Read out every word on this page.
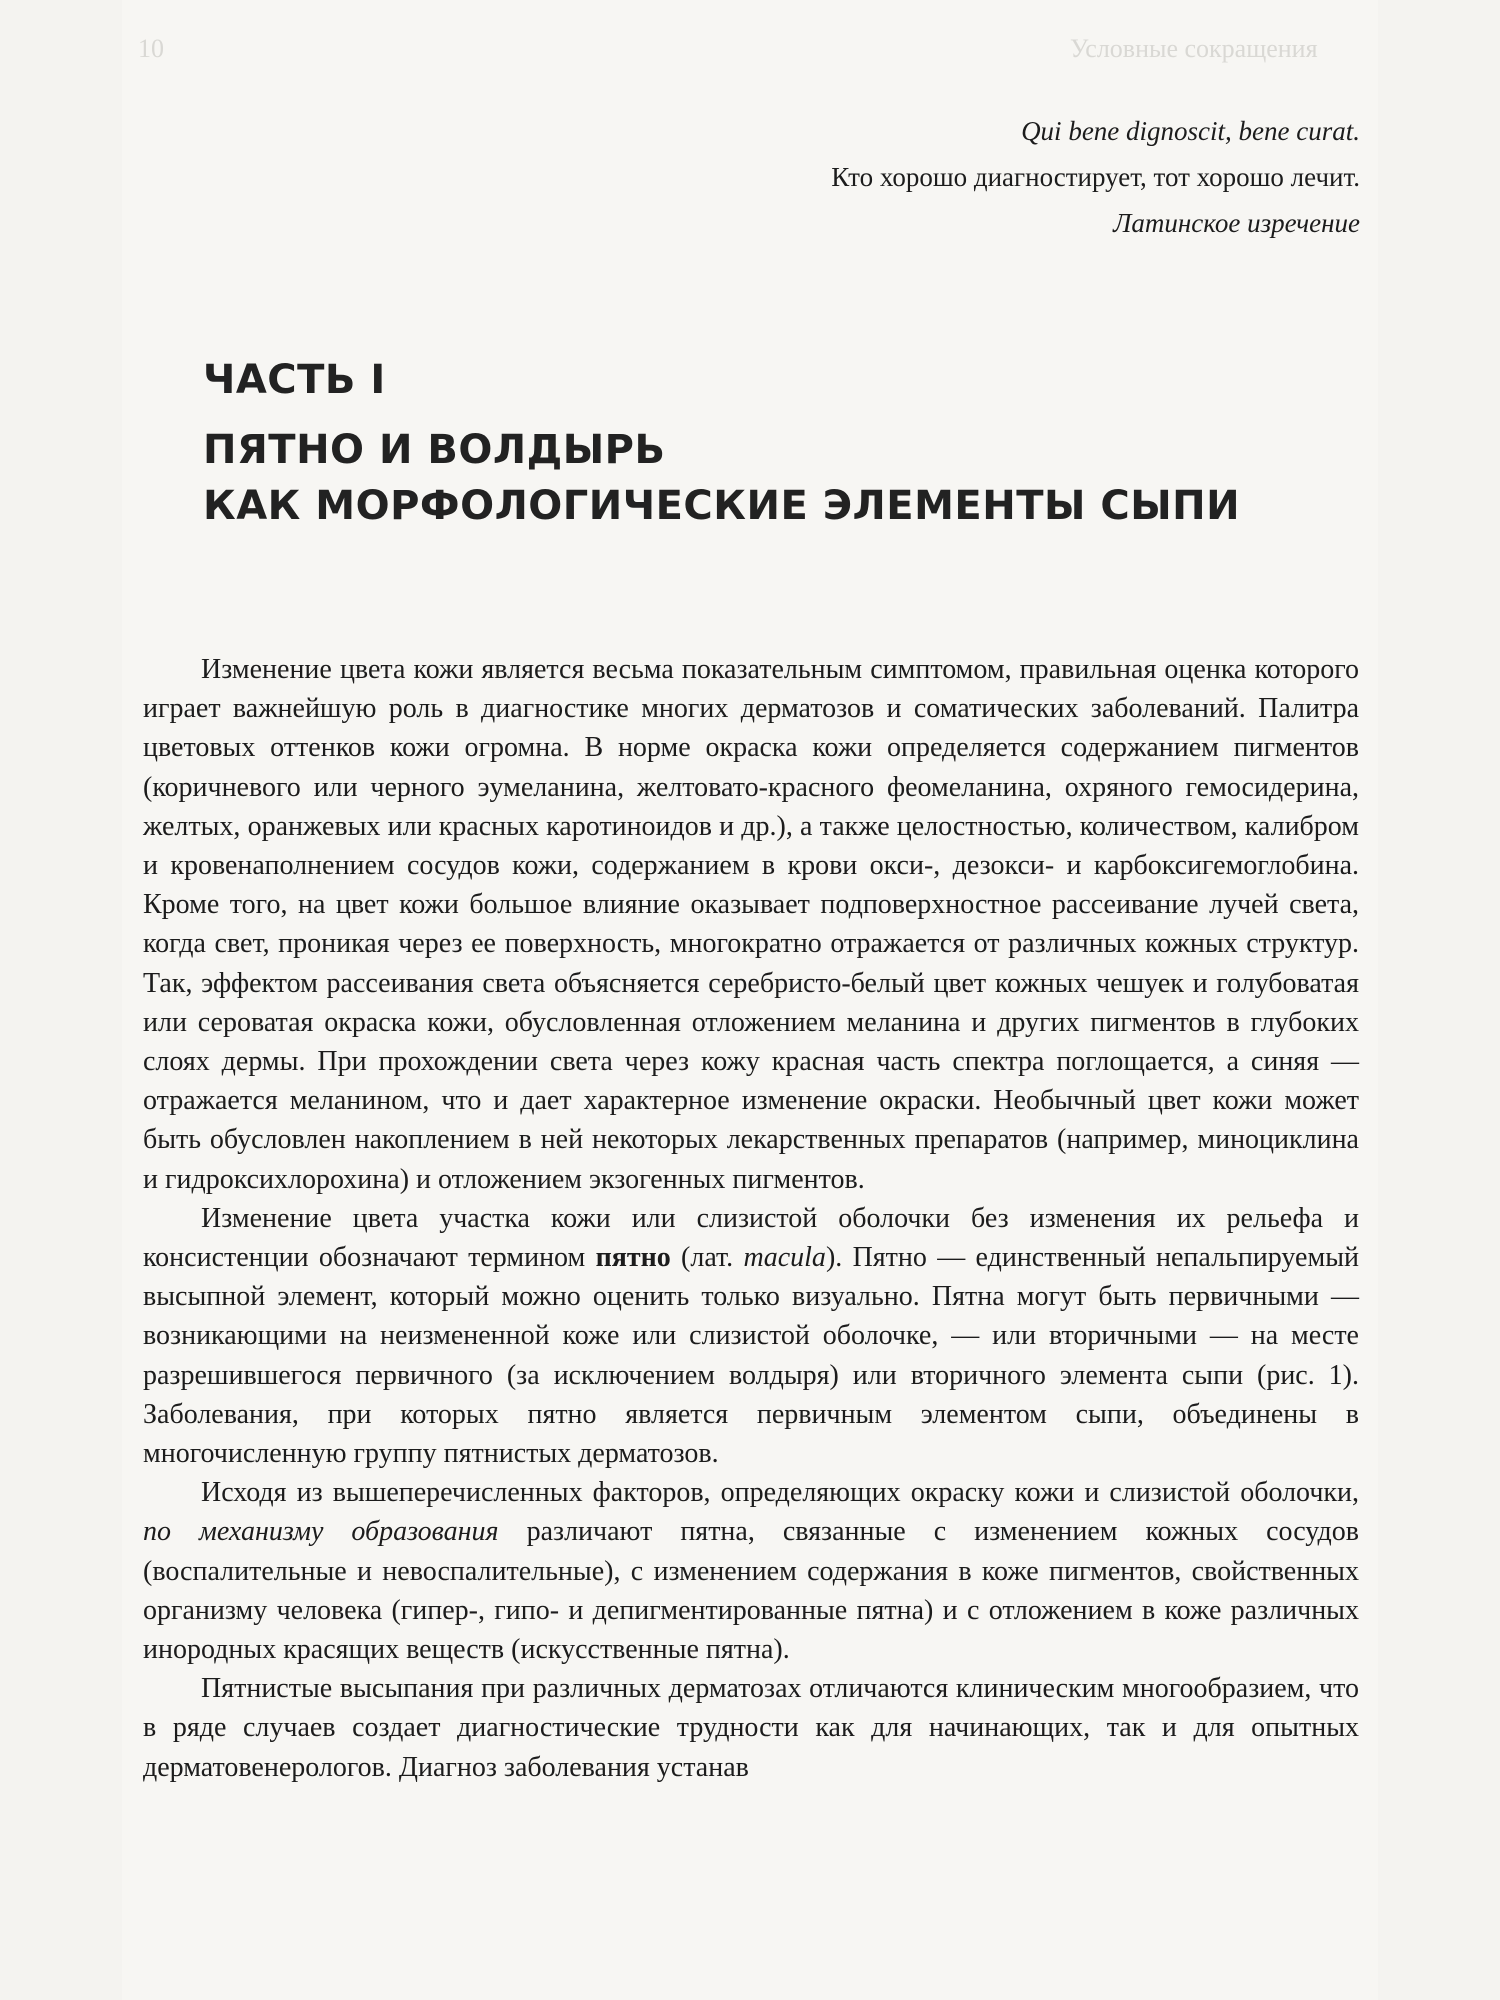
10	Условные сокращения
Qui bene dignoscit, bene curat.
Кто хорошо диагностирует, тот хорошо лечит.
Латинское изречение
ЧАСТЬ I
ПЯТНО И ВОЛДЫРЬ
КАК МОРФОЛОГИЧЕСКИЕ ЭЛЕМЕНТЫ СЫПИ

Изменение цвета кожи является весьма показательным симптомом, правильная оценка которого играет важнейшую роль в диагностике многих дерматозов и соматических заболеваний. Палитра цветовых оттенков кожи огромна. В норме окраска кожи определяется содержанием пигментов (коричневого или черного эумеланина, желтовато-красного феомеланина, охряного гемосидерина, желтых, оранжевых или красных каротиноидов и др.), а также целостностью, количеством, калибром и кровенаполнением сосудов кожи, содержанием в крови окси-, дезокси- и карбоксигемоглобина. Кроме того, на цвет кожи большое влияние оказывает подповерхностное рассеивание лучей света, когда свет, проникая через ее поверхность, многократно отражается от различных кожных структур. Так, эффектом рассеивания света объясняется серебристо-белый цвет кожных чешуек и голубоватая или сероватая окраска кожи, обусловленная отложением меланина и других пигментов в глубоких слоях дермы. При прохождении света через кожу красная часть спектра поглощается, а синяя — отражается меланином, что и дает характерное изменение окраски. Необычный цвет кожи может быть обусловлен накоплением в ней некоторых лекарственных препаратов (например, миноциклина и гидроксихлорохина) и отложением экзогенных пигментов.

Изменение цвета участка кожи или слизистой оболочки без изменения их рельефа и консистенции обозначают термином пятно (лат. macula). Пятно — единственный непальпируемый высыпной элемент, который можно оценить только визуально. Пятна могут быть первичными — возникающими на неизмененной коже или слизистой оболочке, — или вторичными — на месте разрешившегося первичного (за исключением волдыря) или вторичного элемента сыпи (рис. 1). Заболевания, при которых пятно является первичным элементом сыпи, объединены в многочисленную группу пятнистых дерматозов.

Исходя из вышеперечисленных факторов, определяющих окраску кожи и слизистой оболочки, по механизму образования различают пятна, связанные с изменением кожных сосудов (воспалительные и невоспалительные), с изменением содержания в коже пигментов, свойственных организму человека (гипер-, гипо- и депигментированные пятна) и с отложением в коже различных инородных красящих веществ (искусственные пятна).

Пятнистые высыпания при различных дерматозах отличаются клиническим многообразием, что в ряде случаев создает диагностические трудности как для начинающих, так и для опытных дерматовенерологов. Диагноз заболевания устанав
